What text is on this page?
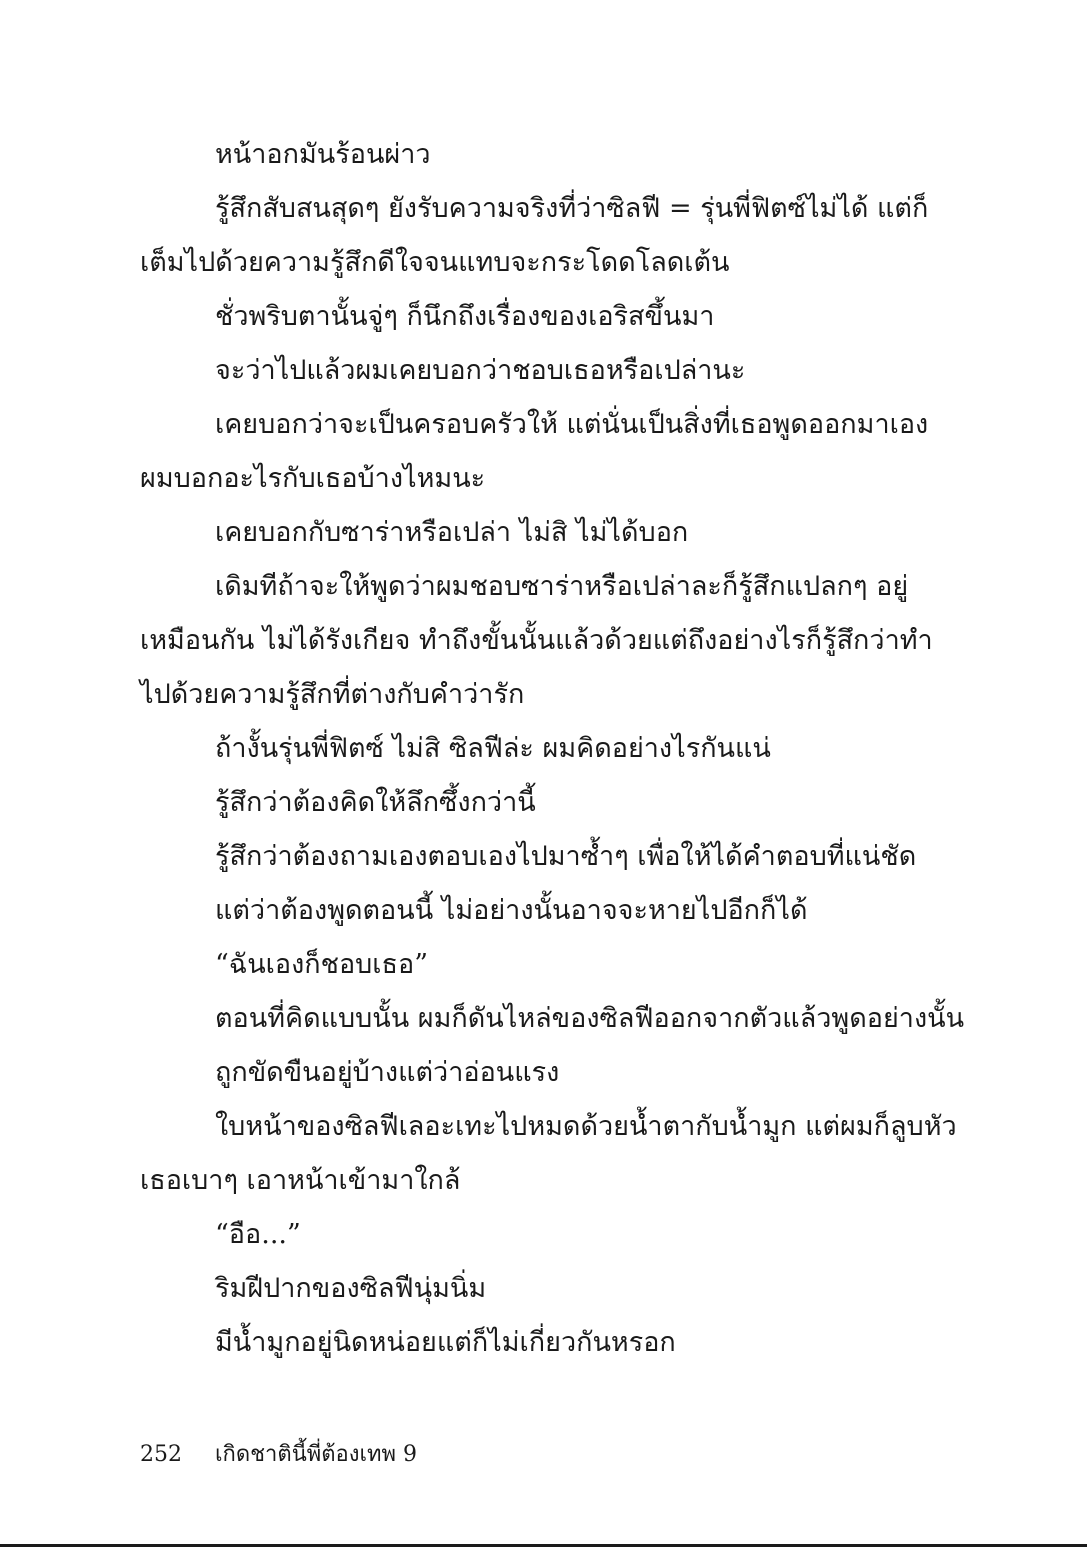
หน้าอกมันร้อนผ่าว
รู้สึกสับสนสุดๆ ยังรับความจริงที่ว่าซิลฟี = รุ่นพี่ฟิตซ์ไม่ได้ แต่ก็
เต็มไปด้วยความรู้สึกดีใจจนแทบจะกระโดดโลดเต้น
ชั่วพริบตานั้นจู่ๆ ก็นึกถึงเรื่องของเอริสขึ้นมา
จะว่าไปแล้วผมเคยบอกว่าชอบเธอหรือเปล่านะ
เคยบอกว่าจะเป็นครอบครัวให้ แต่นั่นเป็นสิ่งที่เธอพูดออกมาเอง
ผมบอกอะไรกับเธอบ้างไหมนะ
เคยบอกกับซาร่าหรือเปล่า ไม่สิ ไม่ได้บอก
เดิมทีถ้าจะให้พูดว่าผมชอบซาร่าหรือเปล่าละก็รู้สึกแปลกๆ อยู่
เหมือนกัน ไม่ได้รังเกียจ ทำถึงขั้นนั้นแล้วด้วยแต่ถึงอย่างไรก็รู้สึกว่าทำ
ไปด้วยความรู้สึกที่ต่างกับคำว่ารัก
ถ้างั้นรุ่นพี่ฟิตซ์ ไม่สิ ซิลฟีล่ะ ผมคิดอย่างไรกันแน่
รู้สึกว่าต้องคิดให้ลึกซึ้งกว่านี้
รู้สึกว่าต้องถามเองตอบเองไปมาซ้ำๆ เพื่อให้ได้คำตอบที่แน่ชัด
แต่ว่าต้องพูดตอนนี้ ไม่อย่างนั้นอาจจะหายไปอีกก็ได้
“ฉันเองก็ชอบเธอ”
ตอนที่คิดแบบนั้น ผมก็ดันไหล่ของซิลฟีออกจากตัวแล้วพูดอย่างนั้น
ถูกขัดขืนอยู่บ้างแต่ว่าอ่อนแรง
ใบหน้าของซิลฟีเลอะเทะไปหมดด้วยน้ำตากับน้ำมูก แต่ผมก็ลูบหัว
เธอเบาๆ เอาหน้าเข้ามาใกล้
“อือ...”
ริมฝีปากของซิลฟีนุ่มนิ่ม
มีน้ำมูกอยู่นิดหน่อยแต่ก็ไม่เกี่ยวกันหรอก
252 เกิดชาตินี้พี่ต้องเทพ 9
